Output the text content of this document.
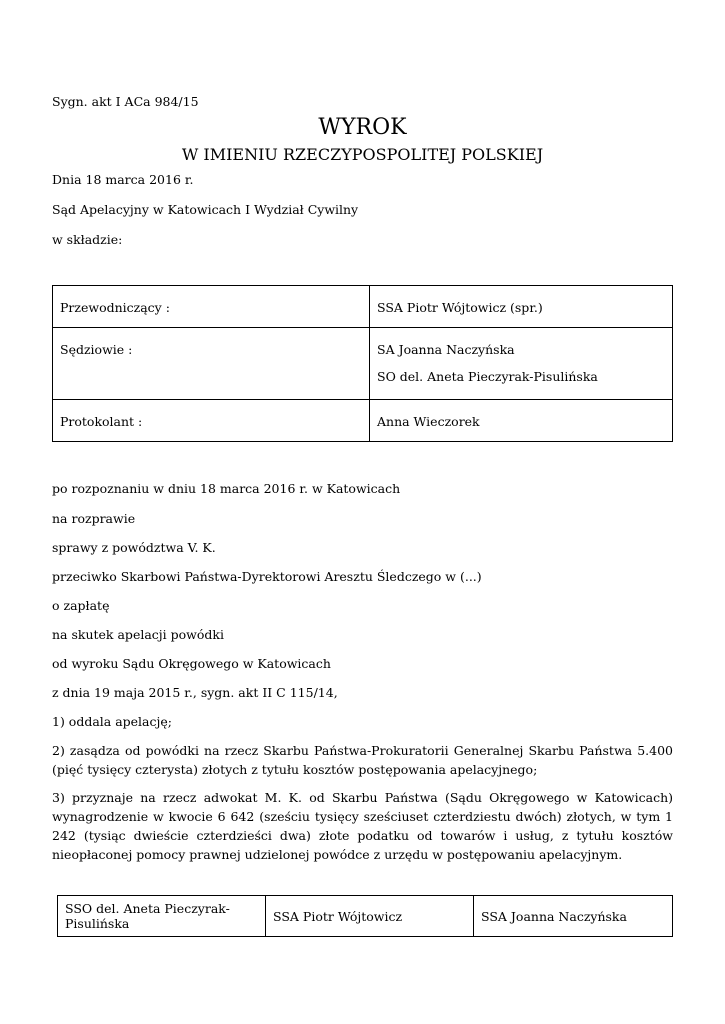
Sygn. akt I ACa 984/15
WYROK
W IMIENIU RZECZYPOSPOLITEJ POLSKIEJ
Dnia 18 marca 2016 r.
Sąd Apelacyjny w Katowicach I Wydział Cywilny
w składzie:
Przewodniczący :	SSA Piotr Wójtowicz (spr.)
Sędziowie :	SA Joanna Naczyńska
SO del. Aneta Pieczyrak-Pisulińska

Protokolant :	Anna Wieczorek
po rozpoznaniu w dniu 18 marca 2016 r. w Katowicach
na rozprawie
sprawy z powództwa V. K.
przeciwko Skarbowi Państwa-Dyrektorowi Aresztu Śledczego w (...)
o zapłatę
na skutek apelacji powódki
od wyroku Sądu Okręgowego w Katowicach
z dnia 19 maja 2015 r., sygn. akt II C 115/14,
1) oddala apelację;
2) zasądza od powódki na rzecz Skarbu Państwa-Prokuratorii Generalnej Skarbu Państwa 5.400 (pięć tysięcy czterysta) złotych z tytułu kosztów postępowania apelacyjnego;
3) przyznaje na rzecz adwokat M. K. od Skarbu Państwa (Sądu Okręgowego w Katowicach) wynagrodzenie w kwocie 6 642 (sześciu tysięcy sześciuset czterdziestu dwóch) złotych, w tym 1 242 (tysiąc dwieście czterdzieści dwa) złote podatku od towarów i usług, z tytułu kosztów nieopłaconej pomocy prawnej udzielonej powódce z urzędu w postępowaniu apelacyjnym.
SSO del. Aneta Pieczyrak-Pisulińska	SSA Piotr Wójtowicz	SSA Joanna Naczyńska
